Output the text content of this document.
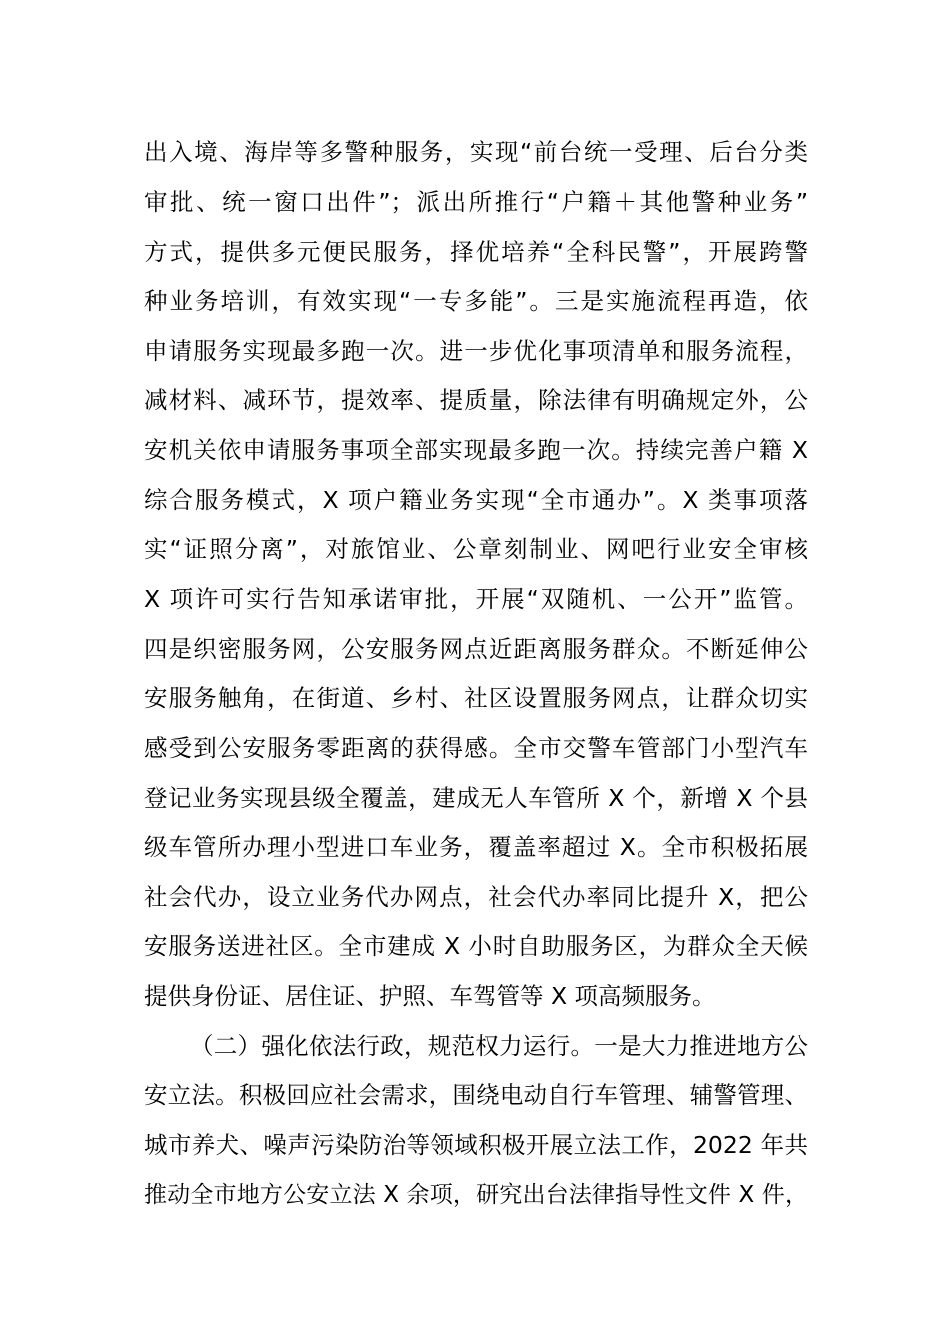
出入境、海岸等多警种服务，实现“前台统一受理、后台分类
审批、统一窗口出件”；派出所推行“户籍＋其他警种业务”
方式，提供多元便民服务，择优培养“全科民警”，开展跨警
种业务培训，有效实现“一专多能”。三是实施流程再造，依
申请服务实现最多跑一次。进一步优化事项清单和服务流程，
减材料、减环节，提效率、提质量，除法律有明确规定外，公
安机关依申请服务事项全部实现最多跑一次。持续完善户籍 X
综合服务模式，X 项户籍业务实现“全市通办”。X 类事项落
实“证照分离”，对旅馆业、公章刻制业、网吧行业安全审核
X 项许可实行告知承诺审批，开展“双随机、一公开”监管。
四是织密服务网，公安服务网点近距离服务群众。不断延伸公
安服务触角，在街道、乡村、社区设置服务网点，让群众切实
感受到公安服务零距离的获得感。全市交警车管部门小型汽车
登记业务实现县级全覆盖，建成无人车管所 X 个，新增 X 个县
级车管所办理小型进口车业务，覆盖率超过 X。全市积极拓展
社会代办，设立业务代办网点，社会代办率同比提升 X，把公
安服务送进社区。全市建成 X 小时自助服务区，为群众全天候
提供身份证、居住证、护照、车驾管等 X 项高频服务。
（二）强化依法行政，规范权力运行。一是大力推进地方公
安立法。积极回应社会需求，围绕电动自行车管理、辅警管理、
城市养犬、噪声污染防治等领域积极开展立法工作，2022 年共
推动全市地方公安立法 X 余项，研究出台法律指导性文件 X 件，
